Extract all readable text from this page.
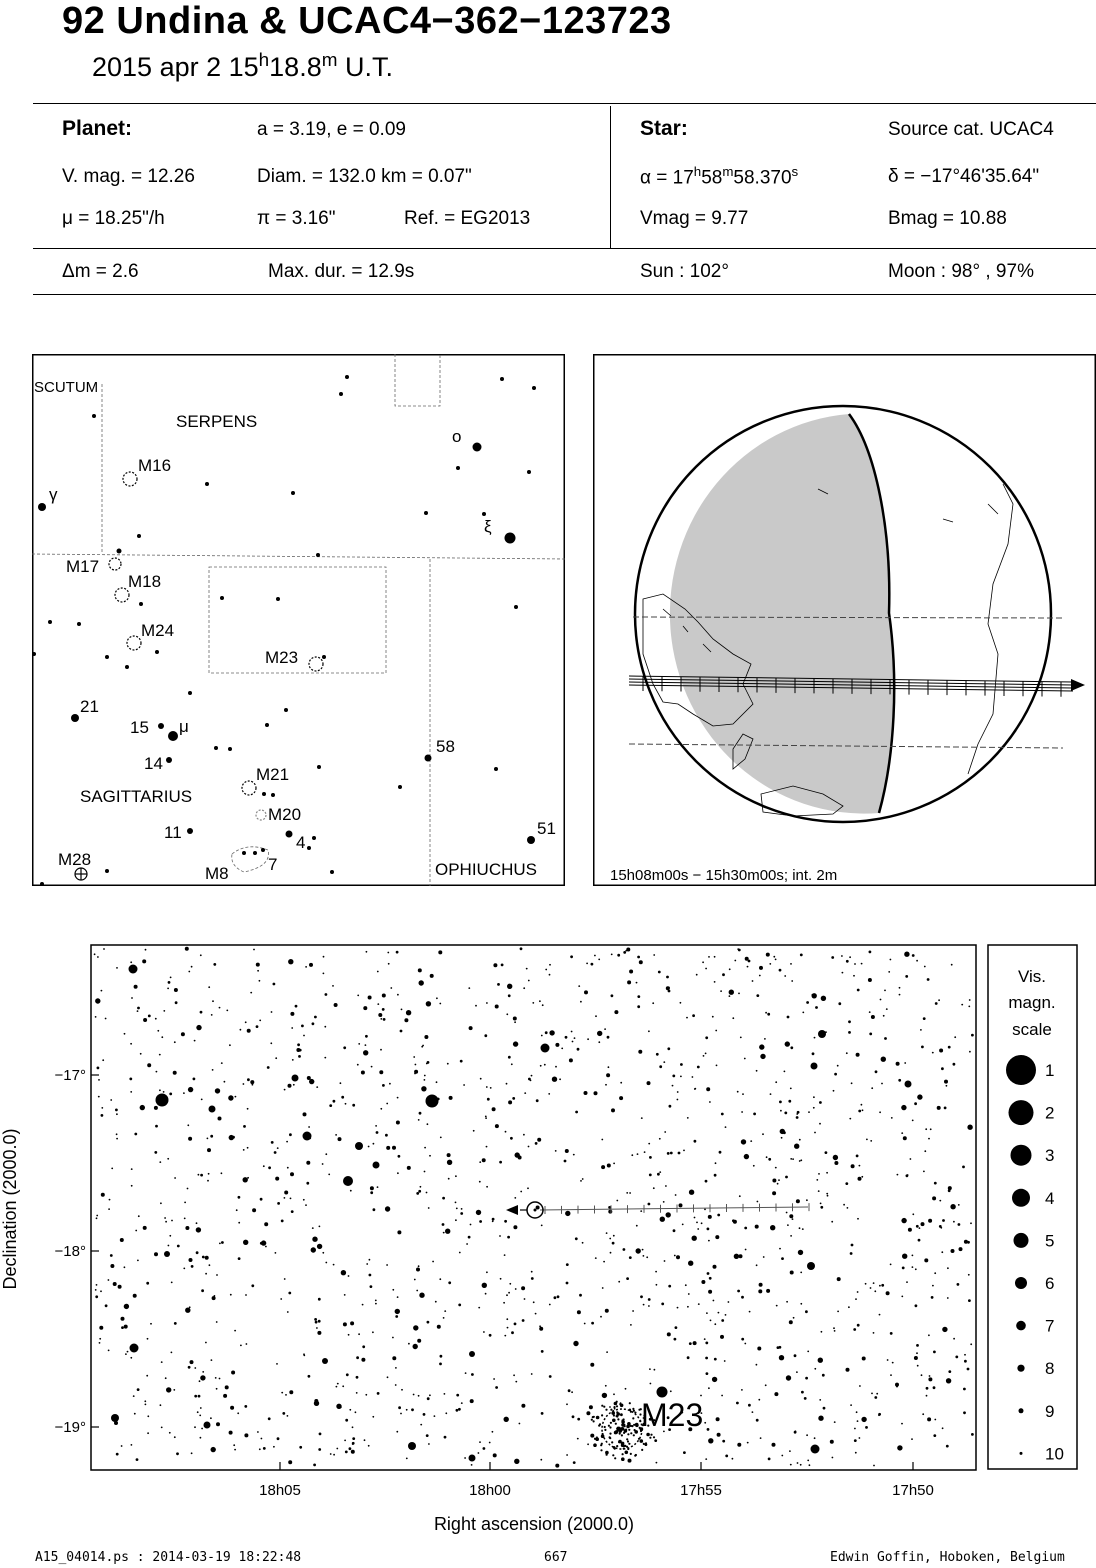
92 Undina & UCAC4−362−123723
2015 apr 2 15$^h$18.8$^m$ U.T.
Planet:	a = 3.19, e = 0.09
V. mag. = 12.26	Diam. = 132.0 km = 0.07"
μ = 18.25"/h	π = 3.16"	Ref. = EG2013
Star:	Source cat. UCAC4
$\alpha = 17^h58^m58.370^s$	δ = −17°46'35.64"
Vmag = 9.77	Bmag = 10.88
Δm = 2.6	Max. dur. = 12.9s	Sun : 102°	Moon : 98° , 97%
SCUTUM
SERPENS
SAGITTARIUS
OPHIUCHUS
o
ξ
γ
μ
21
15
14
11
58
51
4
7
M16
M17
M18
M24
M23
M21
M20
M28
M8	15h08m00s − 15h30m00s; int. 2m
−17°
−18°
−19°
18h05	18h00	17h55	17h50
Right ascension (2000.0)
Declination (2000.0)
M23
Vis.
magn.
scale
1
2
3
4
5
6
7
8
9
10
A15_04014.ps : 2014-03-19 18:22:48	667	Edwin Goffin, Hoboken, Belgium
